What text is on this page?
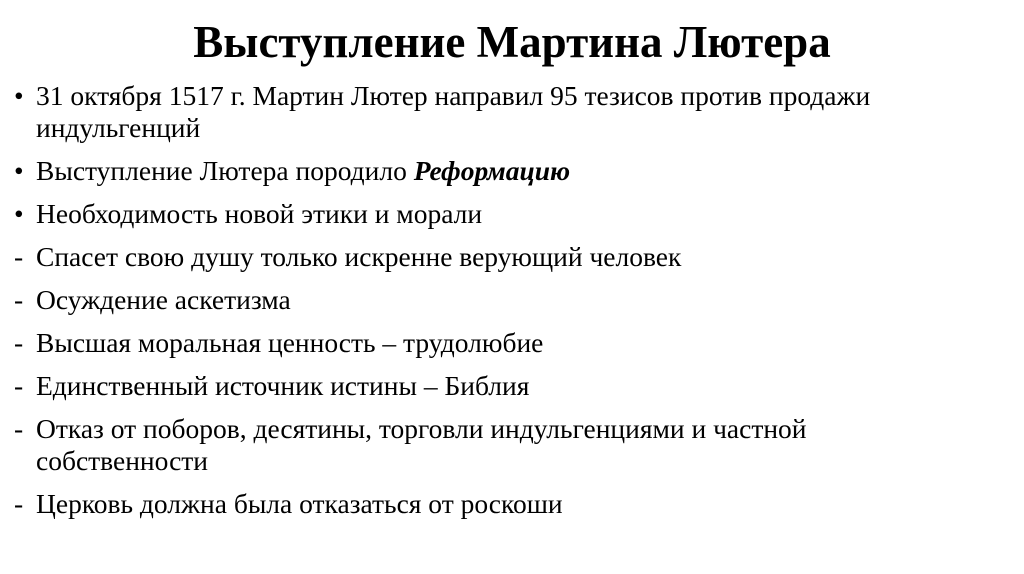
Выступление Мартина Лютера
• 31 октября 1517 г. Мартин Лютер направил 95 тезисов против продажи индульгенций
• Выступление Лютера породило Реформацию
• Необходимость новой этики и морали
- Спасет свою душу только искренне верующий человек
- Осуждение аскетизма
- Высшая моральная ценность – трудолюбие
- Единственный источник истины – Библия
- Отказ от поборов, десятины, торговли индульгенциями и частной собственности
- Церковь должна была отказаться от роскоши
